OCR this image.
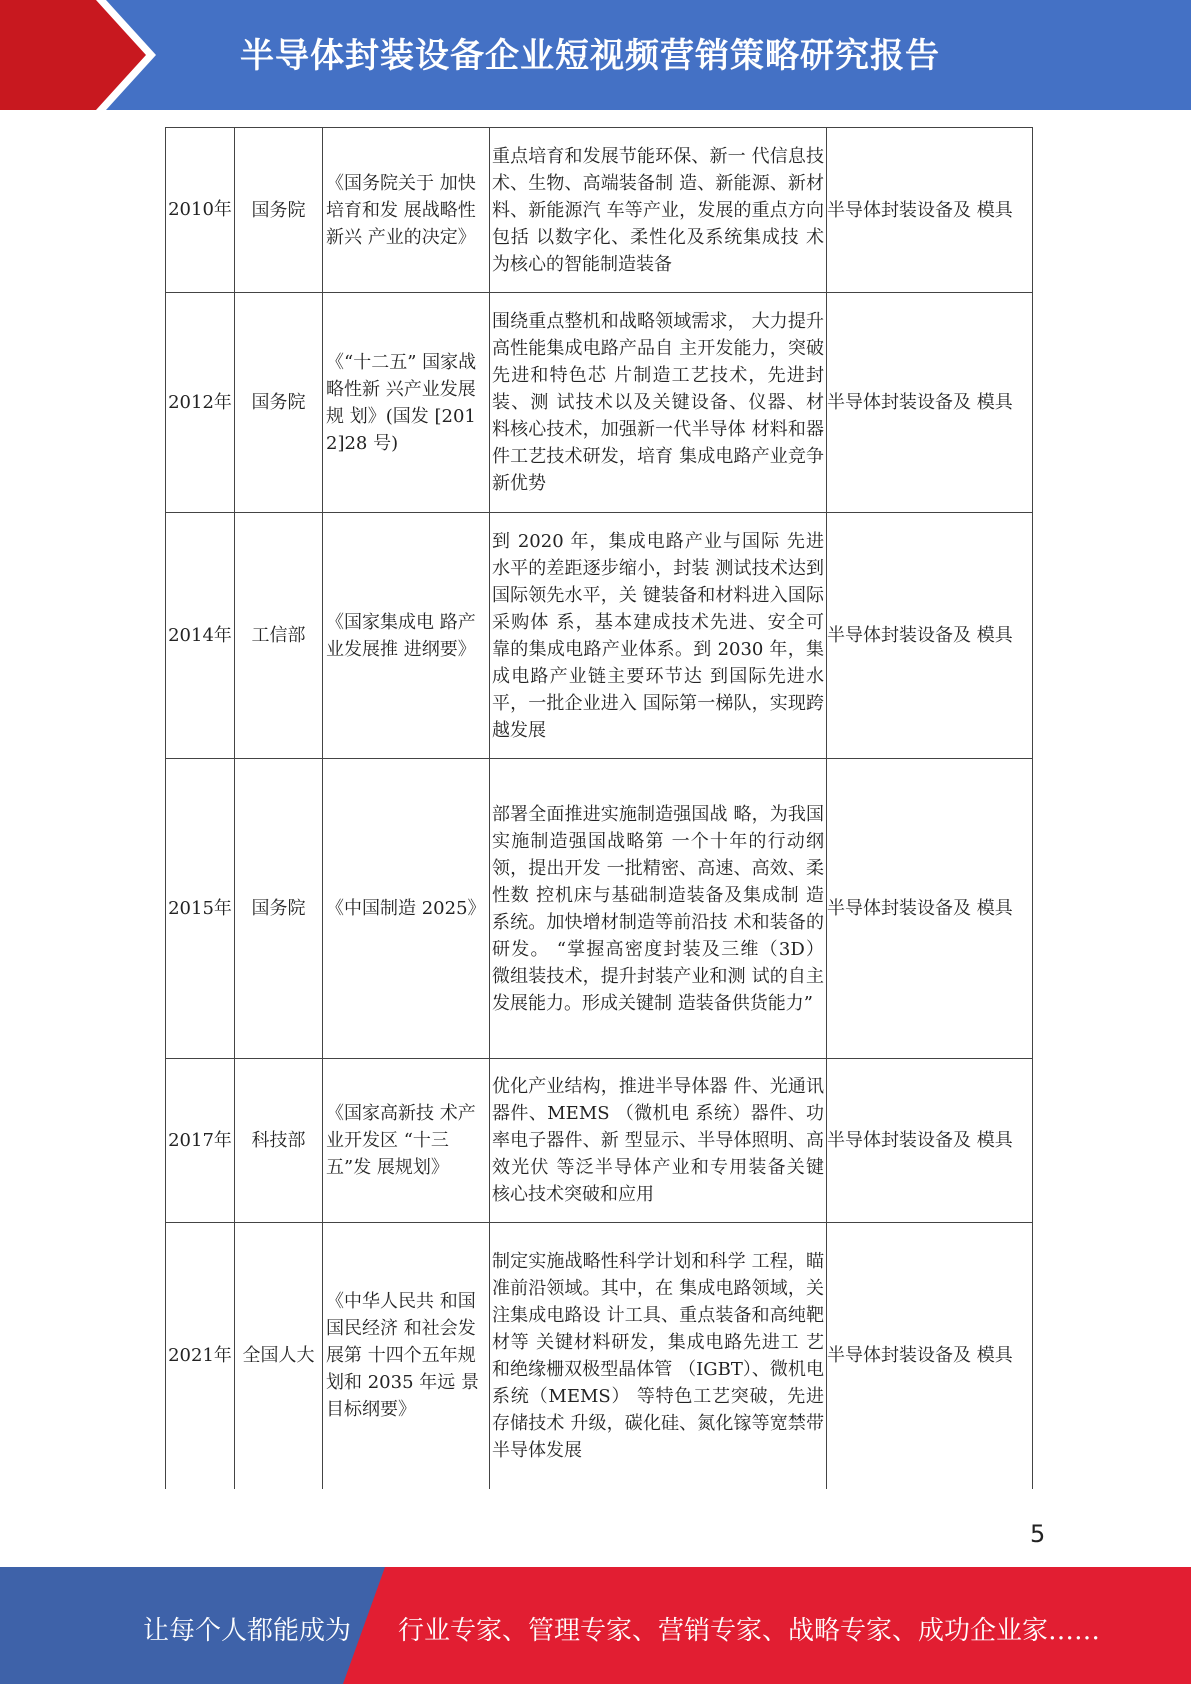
半导体封装设备企业短视频营销策略研究报告
2010年	国务院	《国务院关于 加快培育和发 展战略性新兴 产业的决定》	重点培育和发展节能环保、新一 代信息技术、生物、高端装备制 造、新能源、新材料、新能源汽 车等产业，发展的重点方向包括 以数字化、柔性化及系统集成技 术为核心的智能制造装备	半导体封装设备及 模具

2012年	国务院	《“十二五” 国家战略性新 兴产业发展规 划》(国发 [2012]28 号)	围绕重点整机和战略领域需求， 大力提升高性能集成电路产品自 主开发能力，突破先进和特色芯 片制造工艺技术，先进封装、测 试技术以及关键设备、仪器、材 料核心技术，加强新一代半导体 材料和器件工艺技术研发，培育 集成电路产业竞争新优势	半导体封装设备及 模具

2014年	工信部	《国家集成电 路产业发展推 进纲要》	到 2020 年，集成电路产业与国际 先进水平的差距逐步缩小，封装 测试技术达到国际领先水平，关 键装备和材料进入国际采购体 系，基本建成技术先进、安全可 靠的集成电路产业体系。到 2030 年，集成电路产业链主要环节达 到国际先进水平，一批企业进入 国际第一梯队，实现跨越发展	半导体封装设备及 模具

2015年	国务院	《中国制造 2025》	部署全面推进实施制造强国战 略，为我国实施制造强国战略第 一个十年的行动纲领，提出开发 一批精密、高速、高效、柔性数 控机床与基础制造装备及集成制 造系统。加快增材制造等前沿技 术和装备的研发。 “掌握高密度封装及三维（3D） 微组装技术，提升封装产业和测 试的自主发展能力。形成关键制 造装备供货能力”	半导体封装设备及 模具

2017年	科技部	《国家高新技 术产业开发区 “十三五”发 展规划》	优化产业结构，推进半导体器 件、光通讯器件、MEMS （微机电 系统）器件、功率电子器件、新 型显示、半导体照明、高效光伏 等泛半导体产业和专用装备关键 核心技术突破和应用	半导体封装设备及 模具

2021年	全国人大	《中华人民共 和国国民经济 和社会发展第 十四个五年规 划和 2035 年远 景目标纲要》	制定实施战略性科学计划和科学 工程，瞄准前沿领域。其中，在 集成电路领域，关注集成电路设 计工具、重点装备和高纯靶材等 关键材料研发，集成电路先进工 艺和绝缘栅双极型晶体管 （IGBT）、微机电系统（MEMS） 等特色工艺突破，先进存储技术 升级，碳化硅、氮化镓等宽禁带 半导体发展	半导体封装设备及 模具
5
让每个人都能成为 行业专家、管理专家、营销专家、战略专家、成功企业家……
